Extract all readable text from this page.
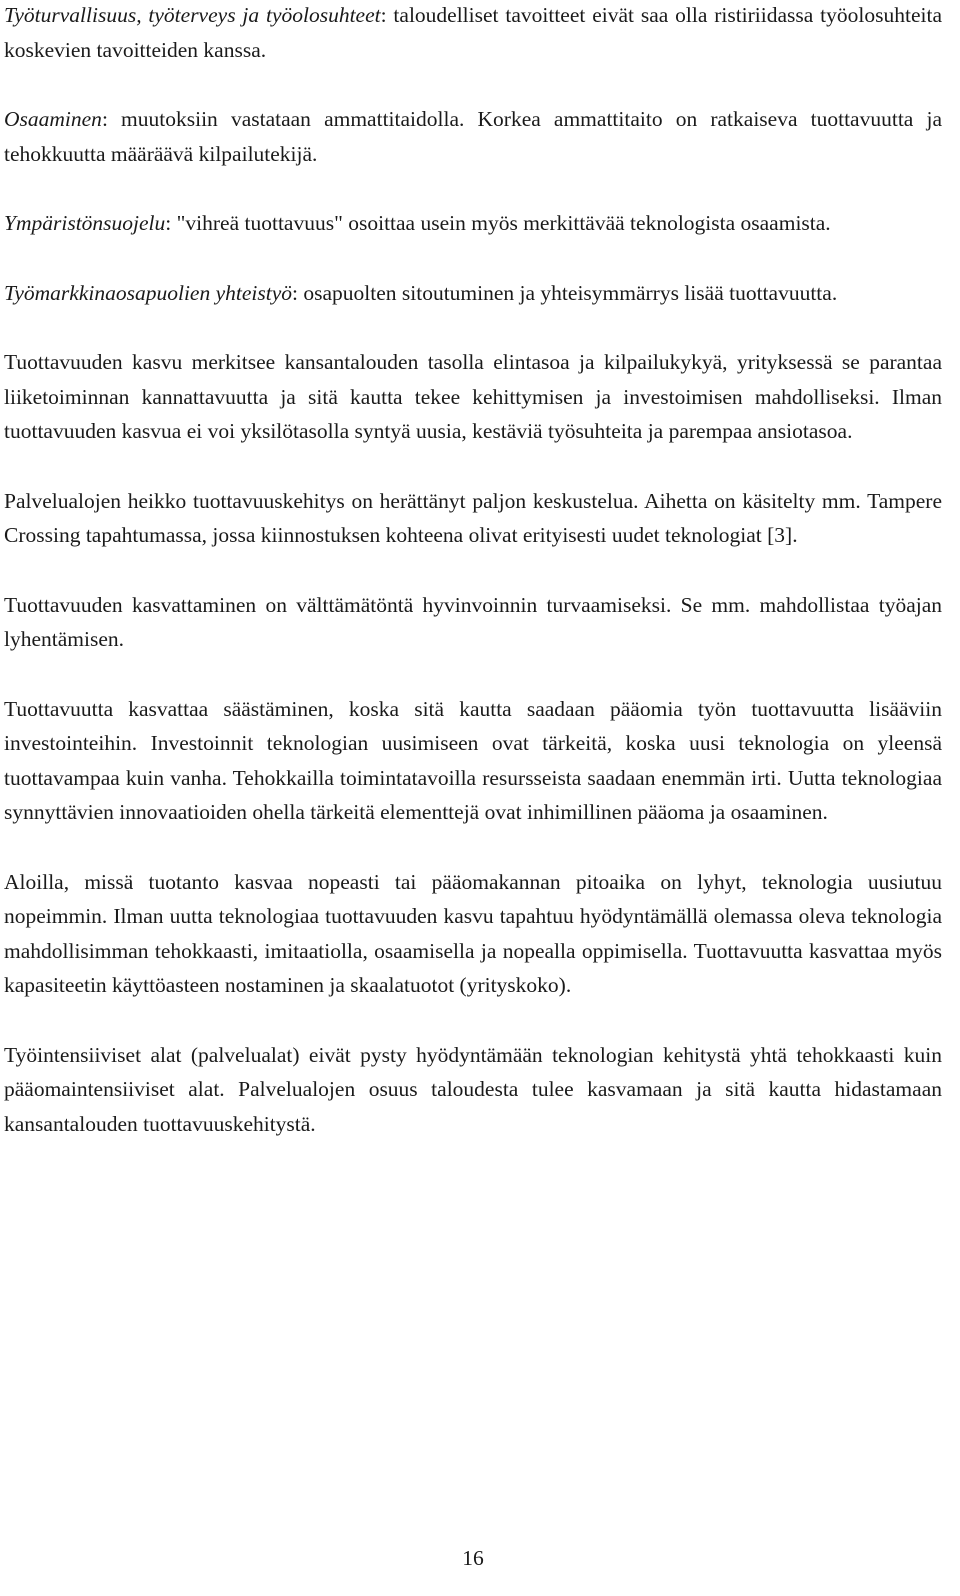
Työturvallisuus, työterveys ja työolosuhteet: taloudelliset tavoitteet eivät saa olla ristiriidassa työolosuhteita koskevien tavoitteiden kanssa.

Osaaminen: muutoksiin vastataan ammattitaidolla. Korkea ammattitaito on ratkaiseva tuottavuutta ja tehokkuutta määräävä kilpailutekijä.

Ympäristönsuojelu: "vihreä tuottavuus" osoittaa usein myös merkittävää teknologista osaamista.

Työmarkkinaosapuolien yhteistyö: osapuolten sitoutuminen ja yhteisymmärrys lisää tuottavuutta.

Tuottavuuden kasvu merkitsee kansantalouden tasolla elintasoa ja kilpailukykyä, yrityksessä se parantaa liiketoiminnan kannattavuutta ja sitä kautta tekee kehittymisen ja investoimisen mahdolliseksi. Ilman tuottavuuden kasvua ei voi yksilötasolla syntyä uusia, kestäviä työsuhteita ja parempaa ansiotasoa.

Palvelualojen heikko tuottavuuskehitys on herättänyt paljon keskustelua. Aihetta on käsitelty mm. Tampere Crossing tapahtumassa, jossa kiinnostuksen kohteena olivat erityisesti uudet teknologiat [3].

Tuottavuuden kasvattaminen on välttämätöntä hyvinvoinnin turvaamiseksi. Se mm. mahdollistaa työajan lyhentämisen.

Tuottavuutta kasvattaa säästäminen, koska sitä kautta saadaan pääomia työn tuottavuutta lisääviin investointeihin. Investoinnit teknologian uusimiseen ovat tärkeitä, koska uusi teknologia on yleensä tuottavampaa kuin vanha. Tehokkailla toimintatavoilla resursseista saadaan enemmän irti. Uutta teknologiaa synnyttävien innovaatioiden ohella tärkeitä elementtejä ovat inhimillinen pääoma ja osaaminen.

Aloilla, missä tuotanto kasvaa nopeasti tai pääomakannan pitoaika on lyhyt, teknologia uusiutuu nopeimmin. Ilman uutta teknologiaa tuottavuuden kasvu tapahtuu hyödyntämällä olemassa oleva teknologia mahdollisimman tehokkaasti, imitaatiolla, osaamisella ja nopealla oppimisella. Tuottavuutta kasvattaa myös kapasiteetin käyttöasteen nostaminen ja skaalatuotot (yrityskoko).

Työintensiiviset alat (palvelualat) eivät pysty hyödyntämään teknologian kehitystä yhtä tehokkaasti kuin pääomaintensiiviset alat. Palvelualojen osuus taloudesta tulee kasvamaan ja sitä kautta hidastamaan kansantalouden tuottavuuskehitystä.

16
